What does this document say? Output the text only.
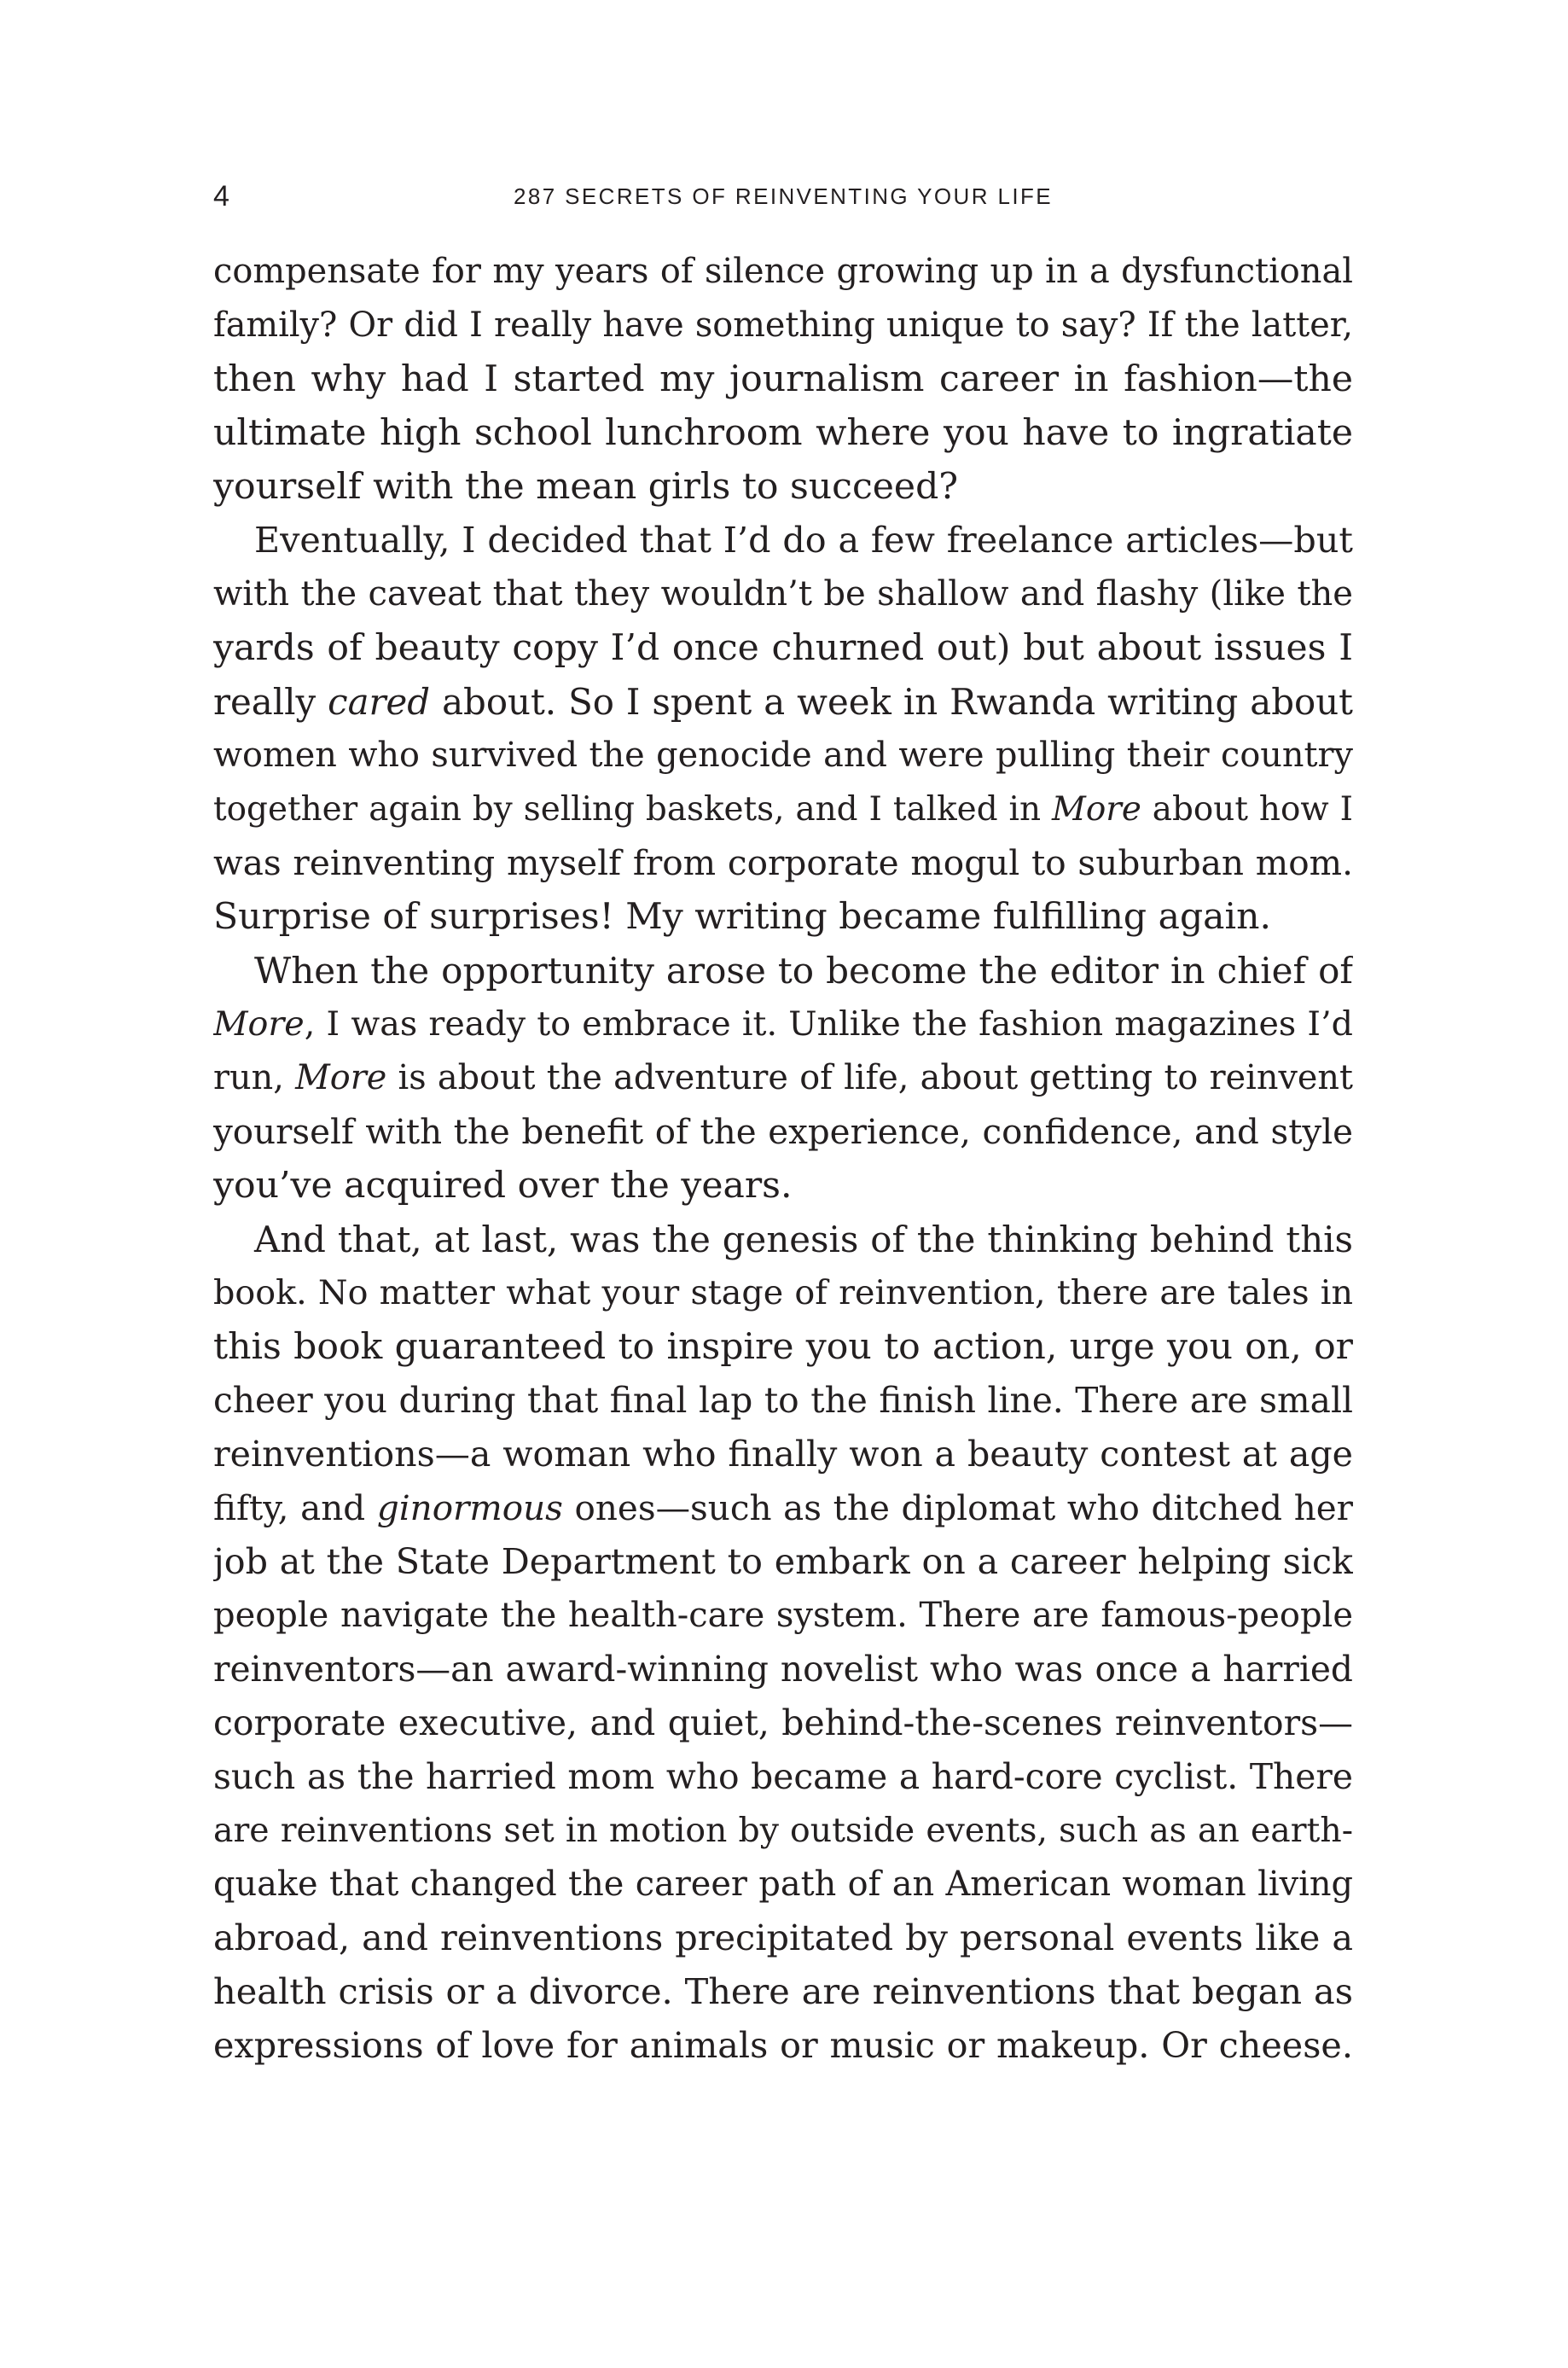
4	287 SECRETS OF REINVENTING YOUR LIFE
compensate for my years of silence growing up in a dysfunctional
family? Or did I really have something unique to say? If the latter,
then why had I started my journalism career in fashion—the
ultimate high school lunchroom where you have to ingratiate
yourself with the mean girls to succeed?
Eventually, I decided that I’d do a few freelance articles—but
with the caveat that they wouldn’t be shallow and flashy (like the
yards of beauty copy I’d once churned out) but about issues I
really cared about. So I spent a week in Rwanda writing about
women who survived the genocide and were pulling their country
together again by selling baskets, and I talked in More about how I
was reinventing myself from corporate mogul to suburban mom.
Surprise of surprises! My writing became fulfilling again.
When the opportunity arose to become the editor in chief of
More, I was ready to embrace it. Unlike the fashion magazines I’d
run, More is about the adventure of life, about getting to reinvent
yourself with the benefit of the experience, confidence, and style
you’ve acquired over the years.
And that, at last, was the genesis of the thinking behind this
book. No matter what your stage of reinvention, there are tales in
this book guaranteed to inspire you to action, urge you on, or
cheer you during that final lap to the finish line. There are small
reinventions—a woman who finally won a beauty contest at age
fifty, and ginormous ones—such as the diplomat who ditched her
job at the State Department to embark on a career helping sick
people navigate the health-care system. There are famous-people
reinventors—an award-winning novelist who was once a harried
corporate executive, and quiet, behind-the-scenes reinventors—
such as the harried mom who became a hard-core cyclist. There
are reinventions set in motion by outside events, such as an earth-
quake that changed the career path of an American woman living
abroad, and reinventions precipitated by personal events like a
health crisis or a divorce. There are reinventions that began as
expressions of love for animals or music or makeup. Or cheese.
